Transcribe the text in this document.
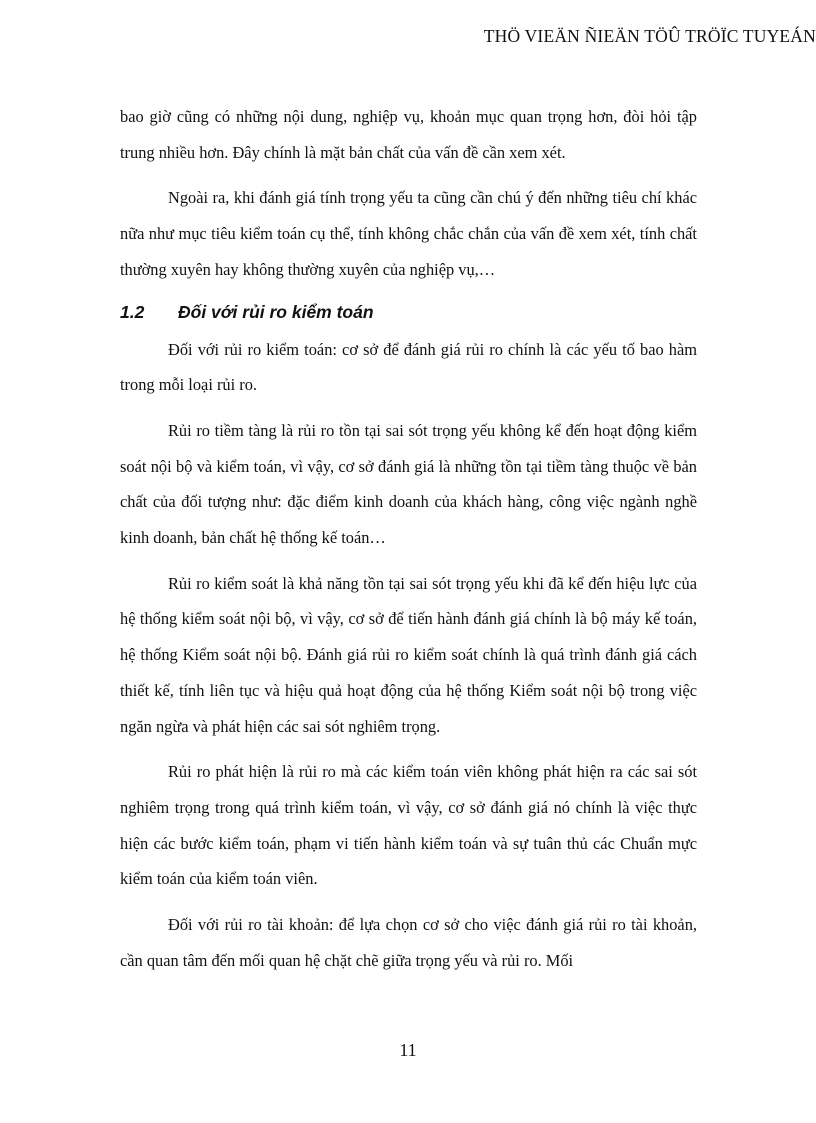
THÖ VIEÄN ÑIEÄN TÖÛ TRÖÏC TUYEÁN

bao giờ cũng có những nội dung, nghiệp vụ, khoản mục quan trọng hơn, đòi hỏi tập trung nhiều hơn. Đây chính là mặt bản chất của vấn đề cần xem xét.

Ngoài ra, khi đánh giá tính trọng yếu ta cũng cần chú ý đến những tiêu chí khác nữa như mục tiêu kiểm toán cụ thể, tính không chắc chắn của vấn đề xem xét, tính chất thường xuyên hay không thường xuyên của nghiệp vụ,…

1.2	Đối với rủi ro kiểm toán

Đối với rủi ro kiểm toán: cơ sở để đánh giá rủi ro chính là các yếu tố bao hàm trong mỗi loại rủi ro.

Rủi ro tiềm tàng là rủi ro tồn tại sai sót trọng yếu không kể đến hoạt động kiểm soát nội bộ và kiểm toán, vì vậy, cơ sở đánh giá là những tồn tại tiềm tàng thuộc về bản chất của đối tượng như: đặc điểm kinh doanh của khách hàng, công việc ngành nghề kinh doanh, bản chất hệ thống kế toán…

Rủi ro kiểm soát là khả năng tồn tại sai sót trọng yếu khi đã kể đến hiệu lực của hệ thống kiểm soát nội bộ, vì vậy, cơ sở để tiến hành đánh giá chính là bộ máy kế toán, hệ thống Kiểm soát nội bộ. Đánh giá rủi ro kiểm soát chính là quá trình đánh giá cách thiết kế, tính liên tục và hiệu quả hoạt động của hệ thống Kiểm soát nội bộ trong việc ngăn ngừa và phát hiện các sai sót nghiêm trọng.

Rủi ro phát hiện là rủi ro mà các kiểm toán viên không phát hiện ra các sai sót nghiêm trọng trong quá trình kiểm toán, vì vậy, cơ sở đánh giá nó chính là việc thực hiện các bước kiểm toán, phạm vi tiến hành kiểm toán và sự tuân thủ các Chuẩn mực kiểm toán của kiểm toán viên.

Đối với rủi ro tài khoản: để lựa chọn cơ sở cho việc đánh giá rủi ro tài khoản, cần quan tâm đến mối quan hệ chặt chẽ giữa trọng yếu và rủi ro. Mối

11
